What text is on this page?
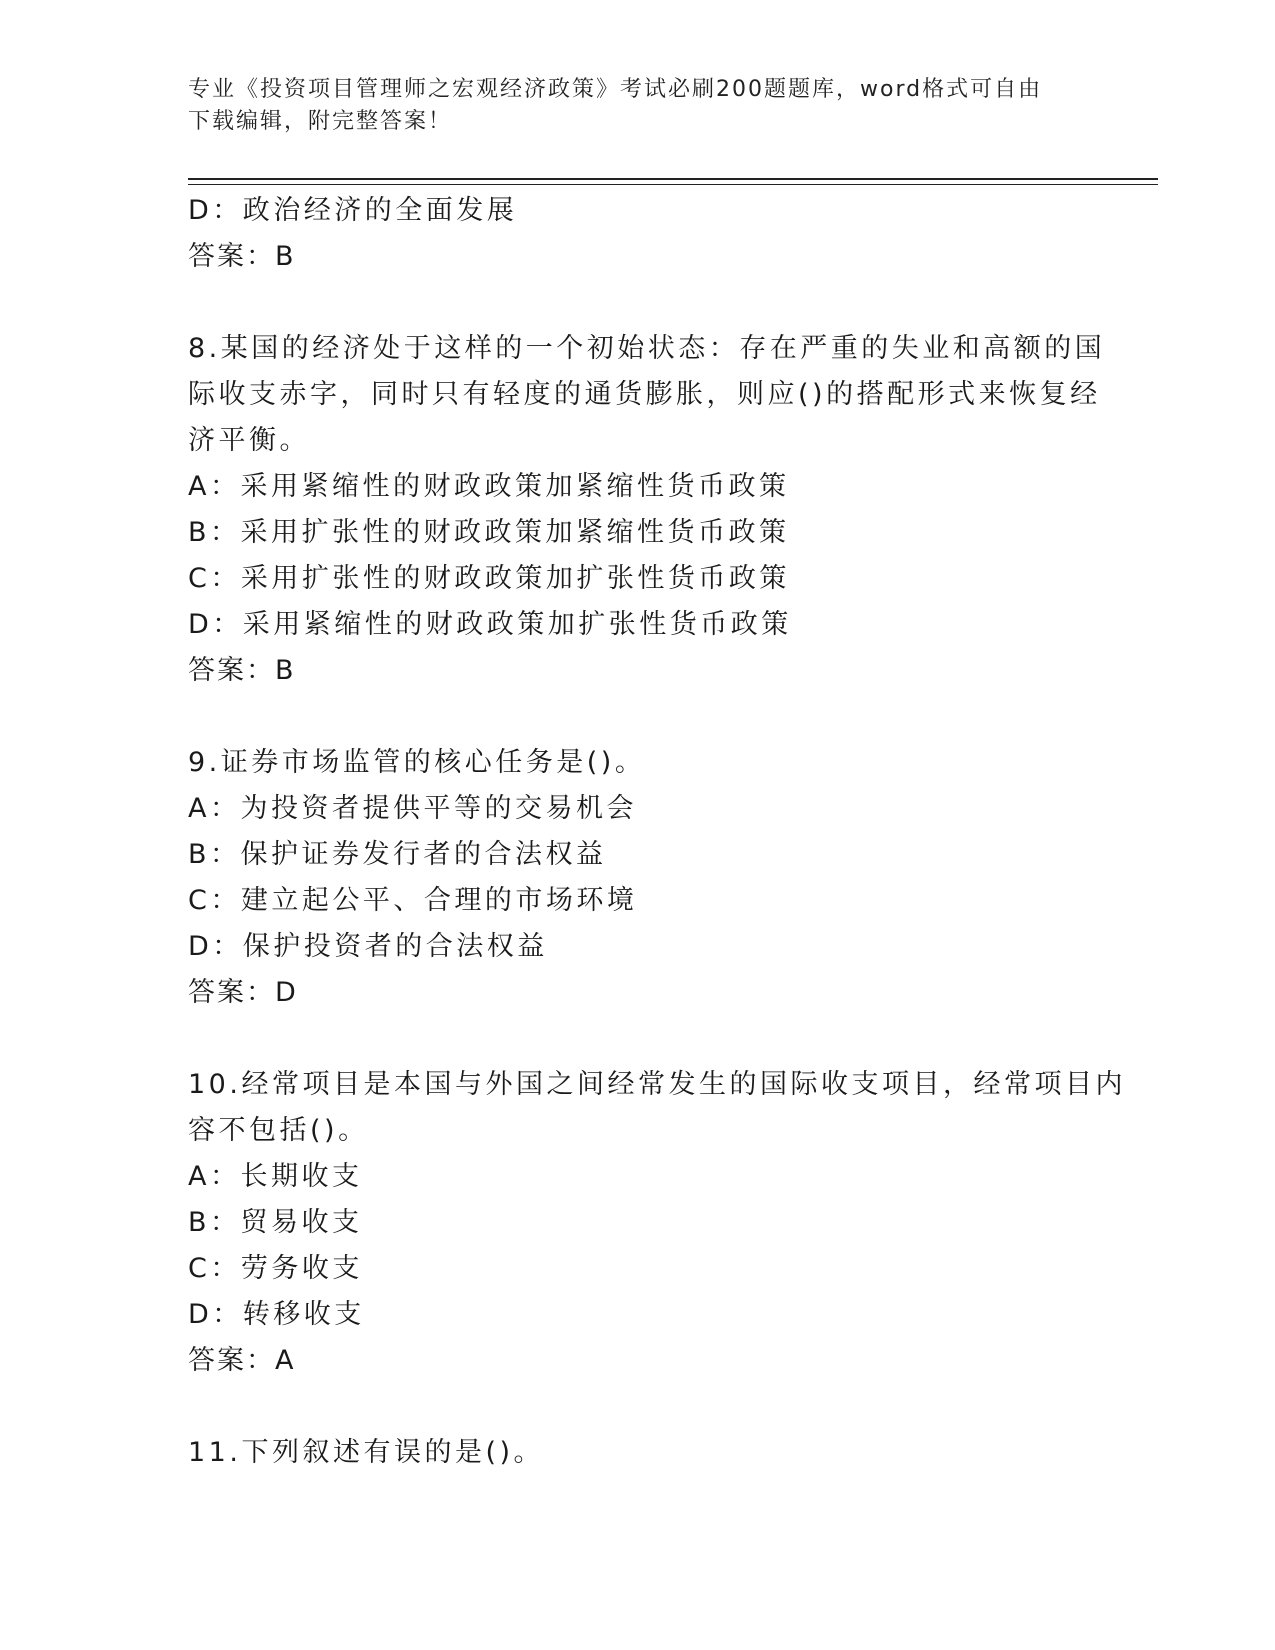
专业《投资项目管理师之宏观经济政策》考试必刷200题题库，word格式可自由
下载编辑，附完整答案！
D：政治经济的全面发展
答案：B
8.某国的经济处于这样的一个初始状态：存在严重的失业和高额的国
际收支赤字，同时只有轻度的通货膨胀，则应()的搭配形式来恢复经
济平衡。
A：采用紧缩性的财政政策加紧缩性货币政策
B：采用扩张性的财政政策加紧缩性货币政策
C：采用扩张性的财政政策加扩张性货币政策
D：采用紧缩性的财政政策加扩张性货币政策
答案：B
9.证券市场监管的核心任务是()。
A：为投资者提供平等的交易机会
B：保护证券发行者的合法权益
C：建立起公平、合理的市场环境
D：保护投资者的合法权益
答案：D
10.经常项目是本国与外国之间经常发生的国际收支项目，经常项目内
容不包括()。
A：长期收支
B：贸易收支
C：劳务收支
D：转移收支
答案：A
11.下列叙述有误的是()。
